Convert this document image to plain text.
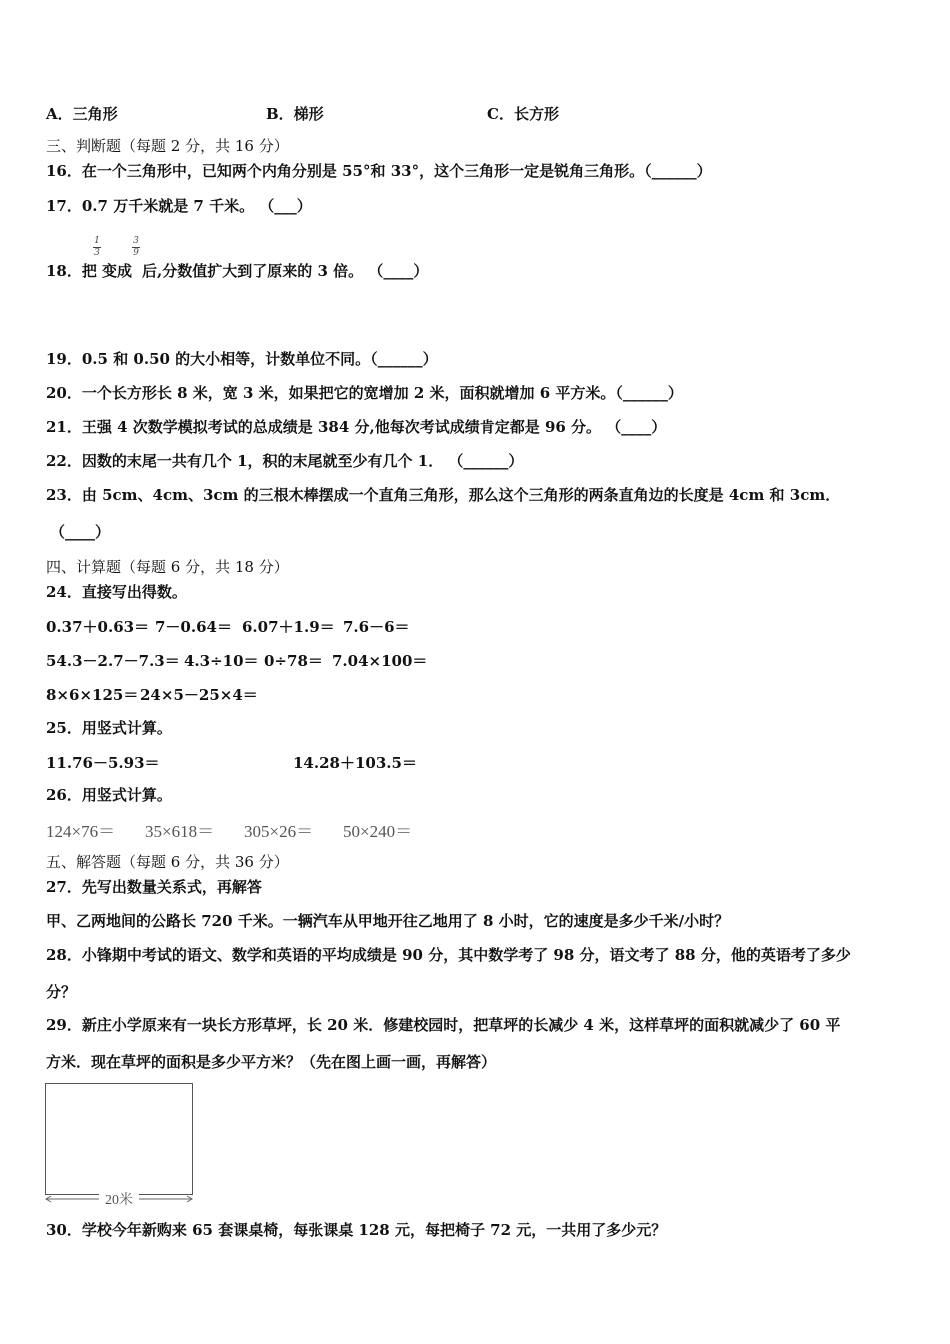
A．三角形	B．梯形	C．长方形
三、判断题（每题 2 分，共 16 分）
16．在一个三角形中，已知两个内角分别是 55°和 33°，这个三角形一定是锐角三角形。（______）
17．0.7 万千米就是 7 千米。 （___）
1
3
3
9
18．把 变成 后,分数值扩大到了原来的 3 倍。 （____）
19．0.5 和 0.50 的大小相等，计数单位不同。（______）
20．一个长方形长 8 米，宽 3 米，如果把它的宽增加 2 米，面积就增加 6 平方米。（______）
21．王强 4 次数学模拟考试的总成绩是 384 分,他每次考试成绩肯定都是 96 分。 （____）
22．因数的末尾一共有几个 1，积的末尾就至少有几个 1． （______）
23．由 5cm、4cm、3cm 的三根木棒摆成一个直角三角形，那么这个三角形的两条直角边的长度是 4cm 和 3cm．
（____）
四、计算题（每题 6 分，共 18 分）
24．直接写出得数。
0.37＋0.63＝ 7－0.64＝ 6.07＋1.9＝ 7.6－6＝
54.3－2.7－7.3＝ 4.3÷10＝ 0÷78＝ 7.04×100＝
8×6×125＝ 24×5－25×4＝
25．用竖式计算。
11.76－5.93＝	14.28＋103.5＝
26．用竖式计算。
124×76＝ 35×618＝ 305×26＝ 50×240＝
五、解答题（每题 6 分，共 36 分）
27．先写出数量关系式，再解答
甲、乙两地间的公路长 720 千米。一辆汽车从甲地开往乙地用了 8 小时，它的速度是多少千米/小时？
28．小锋期中考试的语文、数学和英语的平均成绩是 90 分，其中数学考了 98 分，语文考了 88 分，他的英语考了多少
分？
29．新庄小学原来有一块长方形草坪，长 20 米．修建校园时，把草坪的长减少 4 米，这样草坪的面积就减少了 60 平
方米．现在草坪的面积是多少平方米？（先在图上画一画，再解答）
20米
30．学校今年新购来 65 套课桌椅，每张课桌 128 元，每把椅子 72 元，一共用了多少元？
